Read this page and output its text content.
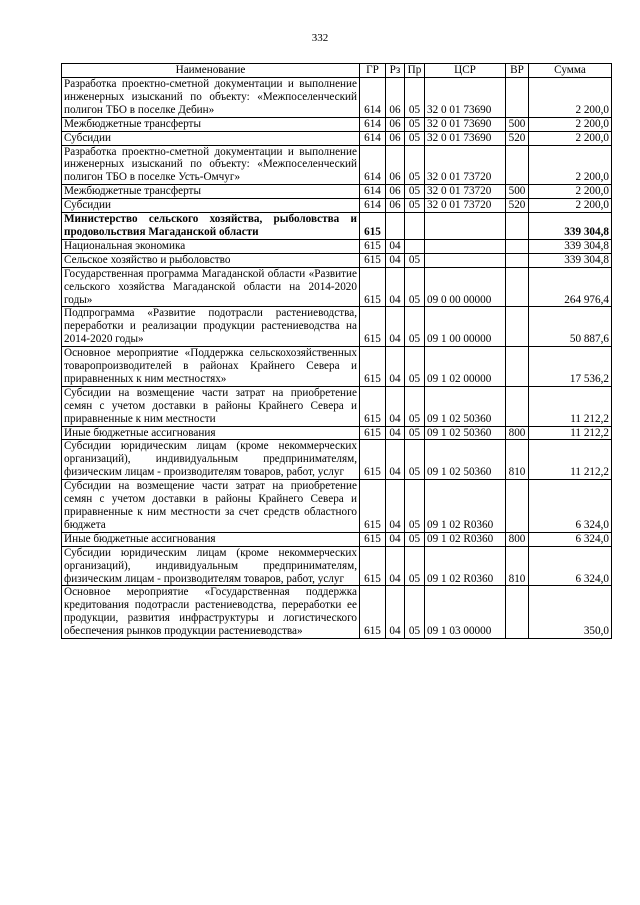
332
Наименование	ГР	Рз	Пр	ЦСР	ВР	Сумма
Разработка проектно-сметной документации и выполнение инженерных изысканий по объекту: «Межпоселенческий полигон ТБО в поселке Дебин»	614	06	05	32 0 01 73690		2 200,0
Межбюджетные трансферты	614	06	05	32 0 01 73690	500	2 200,0
Субсидии	614	06	05	32 0 01 73690	520	2 200,0
Разработка проектно-сметной документации и выполнение инженерных изысканий по объекту: «Межпоселенческий полигон ТБО в поселке Усть-Омчуг»	614	06	05	32 0 01 73720		2 200,0
Межбюджетные трансферты	614	06	05	32 0 01 73720	500	2 200,0
Субсидии	614	06	05	32 0 01 73720	520	2 200,0
Министерство сельского хозяйства, рыболовства и продовольствия Магаданской области	615					339 304,8
Национальная экономика	615	04				339 304,8
Сельское хозяйство и рыболовство	615	04	05			339 304,8
Государственная программа Магаданской области «Развитие сельского хозяйства Магаданской области на 2014-2020 годы»	615	04	05	09 0 00 00000		264 976,4
Подпрограмма «Развитие подотрасли растениеводства, переработки и реализации продукции растениеводства на 2014-2020 годы»	615	04	05	09 1 00 00000		50 887,6
Основное мероприятие «Поддержка сельскохозяйственных товаропроизводителей в районах Крайнего Севера и приравненных к ним местностях»	615	04	05	09 1 02 00000		17 536,2
Субсидии на возмещение части затрат на приобретение семян с учетом доставки в районы Крайнего Севера и приравненные к ним местности	615	04	05	09 1 02 50360		11 212,2
Иные бюджетные ассигнования	615	04	05	09 1 02 50360	800	11 212,2
Субсидии юридическим лицам (кроме некоммерческих организаций), индивидуальным предпринимателям, физическим лицам - производителям товаров, работ, услуг	615	04	05	09 1 02 50360	810	11 212,2
Субсидии на возмещение части затрат на приобретение семян с учетом доставки в районы Крайнего Севера и приравненные к ним местности за счет средств областного бюджета	615	04	05	09 1 02 R0360		6 324,0
Иные бюджетные ассигнования	615	04	05	09 1 02 R0360	800	6 324,0
Субсидии юридическим лицам (кроме некоммерческих организаций), индивидуальным предпринимателям, физическим лицам - производителям товаров, работ, услуг	615	04	05	09 1 02 R0360	810	6 324,0
Основное мероприятие «Государственная поддержка кредитования подотрасли растениеводства, переработки ее продукции, развития инфраструктуры и логистического обеспечения рынков продукции растениеводства»	615	04	05	09 1 03 00000		350,0
